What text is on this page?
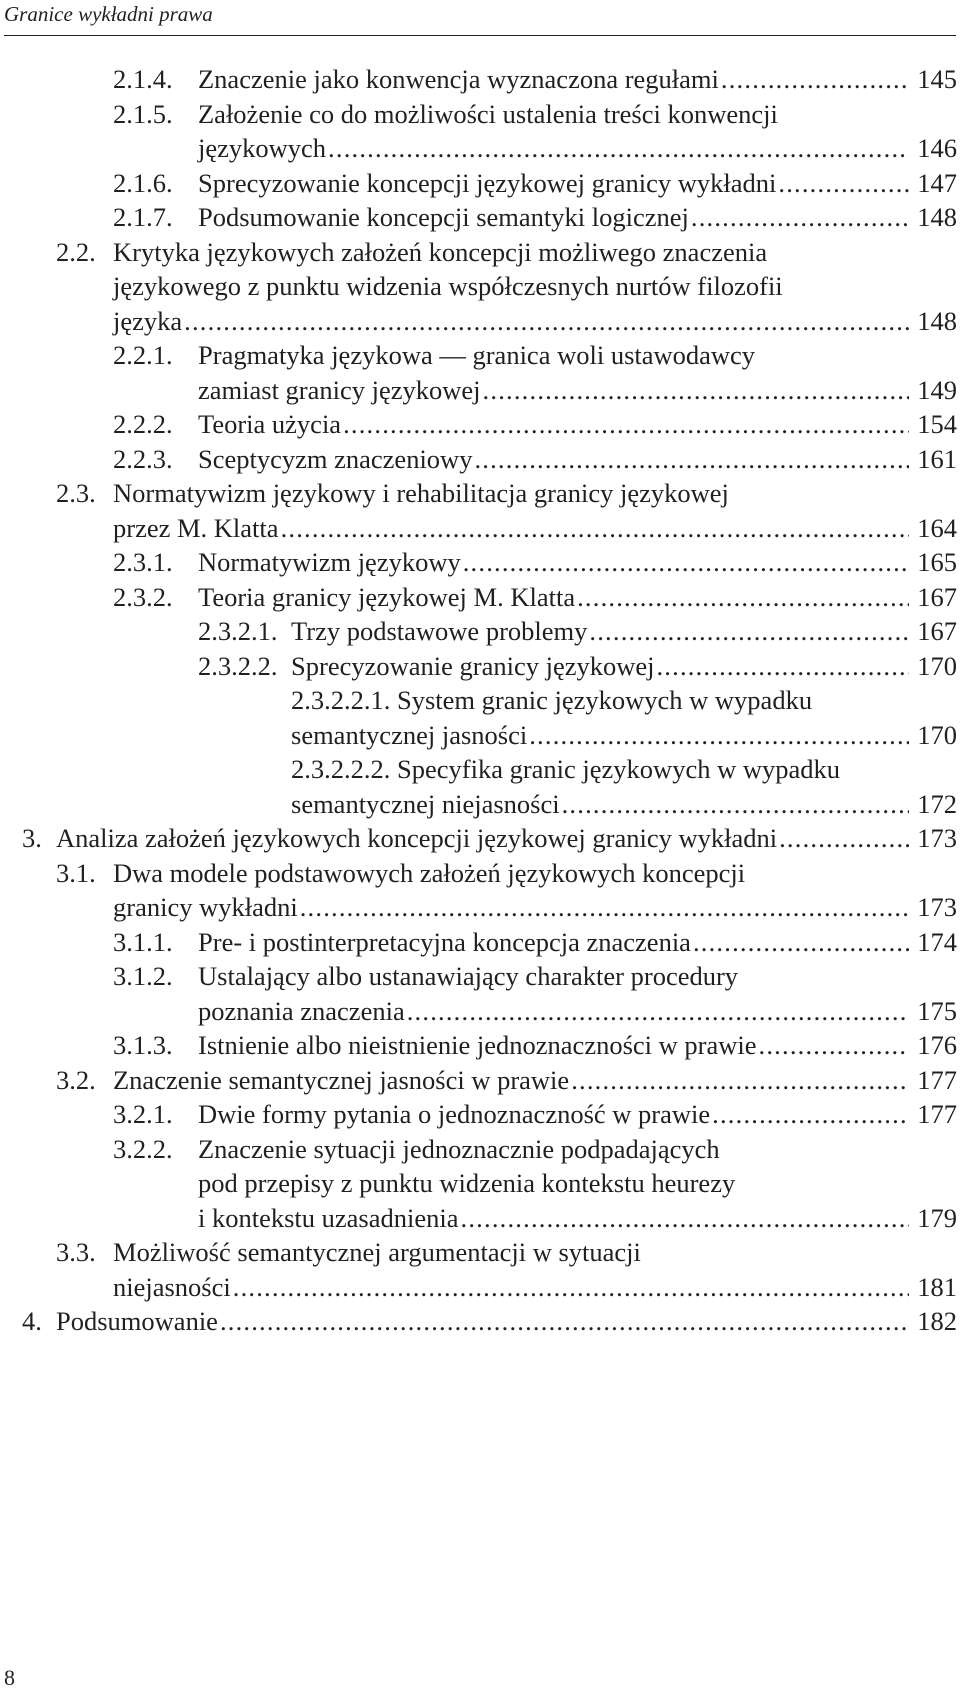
Granice wykładni prawa
2.1.4. Znaczenie jako konwencja wyznaczona regułami .....	145
2.1.5. Założenie co do możliwości ustalenia treści konwencji
językowych .....	146
2.1.6. Sprecyzowanie koncepcji językowej granicy wykładni .....	147
2.1.7. Podsumowanie koncepcji semantyki logicznej .....	148
2.2. Krytyka językowych założeń koncepcji możliwego znaczenia
językowego z punktu widzenia współczesnych nurtów filozofii
języka .....	148
2.2.1. Pragmatyka językowa — granica woli ustawodawcy
zamiast granicy językowej .....	149
2.2.2. Teoria użycia .....	154
2.2.3. Sceptycyzm znaczeniowy .....	161
2.3. Normatywizm językowy i rehabilitacja granicy językowej
przez M. Klatta .....	164
2.3.1. Normatywizm językowy .....	165
2.3.2. Teoria granicy językowej M. Klatta .....	167
2.3.2.1. Trzy podstawowe problemy .....	167
2.3.2.2. Sprecyzowanie granicy językowej .....	170
2.3.2.2.1. System granic językowych w wypadku
semantycznej jasności .....	170
2.3.2.2.2. Specyfika granic językowych w wypadku
semantycznej niejasności .....	172
3. Analiza założeń językowych koncepcji językowej granicy wykładni .....	173
3.1. Dwa modele podstawowych założeń językowych koncepcji
granicy wykładni .....	173
3.1.1. Pre- i postinterpretacyjna koncepcja znaczenia .....	174
3.1.2. Ustalający albo ustanawiający charakter procedury
poznania znaczenia .....	175
3.1.3. Istnienie albo nieistnienie jednoznaczności w prawie .....	176
3.2. Znaczenie semantycznej jasności w prawie .....	177
3.2.1. Dwie formy pytania o jednoznaczność w prawie .....	177
3.2.2. Znaczenie sytuacji jednoznacznie podpadających
pod przepisy z punktu widzenia kontekstu heurezy
i kontekstu uzasadnienia .....	179
3.3. Możliwość semantycznej argumentacji w sytuacji
niejasności .....	181
4. Podsumowanie .....	182
8
